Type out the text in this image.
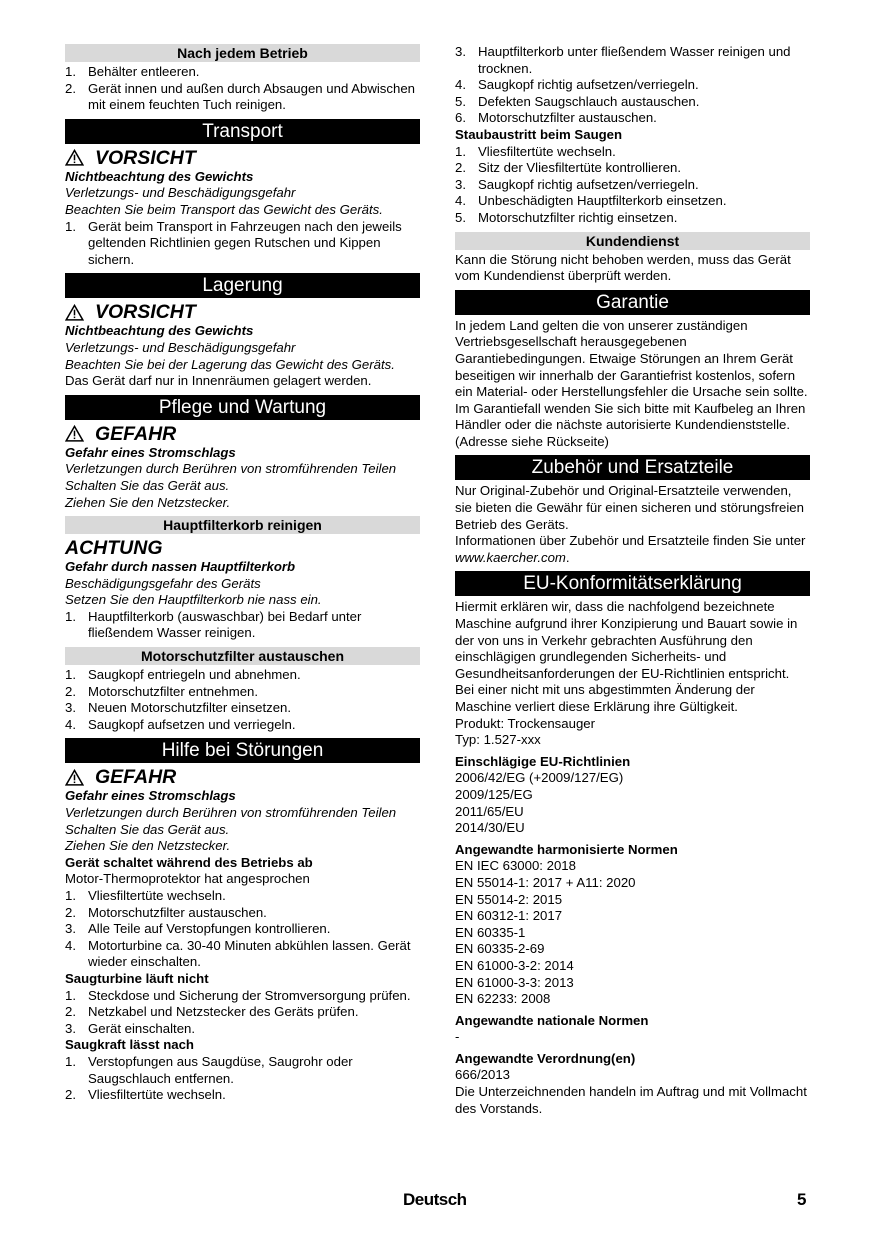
Nach jedem Betrieb
1. Behälter entleeren.
2. Gerät innen und außen durch Absaugen und Abwischen mit einem feuchten Tuch reinigen.
Transport
VORSICHT

Nichtbeachtung des Gewichts

Verletzungs- und Beschädigungsgefahr

Beachten Sie beim Transport das Gewicht des Geräts.

1. Gerät beim Transport in Fahrzeugen nach den jeweils geltenden Richtlinien gegen Rutschen und Kippen sichern.
Lagerung
VORSICHT

Nichtbeachtung des Gewichts

Verletzungs- und Beschädigungsgefahr

Beachten Sie bei der Lagerung das Gewicht des Geräts.

Das Gerät darf nur in Innenräumen gelagert werden.

Pflege und Wartung
GEFAHR

Gefahr eines Stromschlags

Verletzungen durch Berühren von stromführenden Teilen

Schalten Sie das Gerät aus.

Ziehen Sie den Netzstecker.

Hauptfilterkorb reinigen
ACHTUNG

Gefahr durch nassen Hauptfilterkorb

Beschädigungsgefahr des Geräts

Setzen Sie den Hauptfilterkorb nie nass ein.

1. Hauptfilterkorb (auswaschbar) bei Bedarf unter fließendem Wasser reinigen.
Motorschutzfilter austauschen
1. Saugkopf entriegeln und abnehmen.
2. Motorschutzfilter entnehmen.
3. Neuen Motorschutzfilter einsetzen.
4. Saugkopf aufsetzen und verriegeln.
Hilfe bei Störungen
GEFAHR

Gefahr eines Stromschlags

Verletzungen durch Berühren von stromführenden Teilen

Schalten Sie das Gerät aus.

Ziehen Sie den Netzstecker.

Gerät schaltet während des Betriebs ab

Motor-Thermoprotektor hat angesprochen

1. Vliesfiltertüte wechseln.
2. Motorschutzfilter austauschen.
3. Alle Teile auf Verstopfungen kontrollieren.
4. Motorturbine ca. 30-40 Minuten abkühlen lassen. Gerät wieder einschalten.

Saugturbine läuft nicht

1. Steckdose und Sicherung der Stromversorgung prüfen.
2. Netzkabel und Netzstecker des Geräts prüfen.
3. Gerät einschalten.

Saugkraft lässt nach

1. Verstopfungen aus Saugdüse, Saugrohr oder Saugschlauch entfernen.
2. Vliesfiltertüte wechseln.
3. Hauptfilterkorb unter fließendem Wasser reinigen und trocknen.
4. Saugkopf richtig aufsetzen/verriegeln.
5. Defekten Saugschlauch austauschen.
6. Motorschutzfilter austauschen.

Staubaustritt beim Saugen

1. Vliesfiltertüte wechseln.
2. Sitz der Vliesfiltertüte kontrollieren.
3. Saugkopf richtig aufsetzen/verriegeln.
4. Unbeschädigten Hauptfilterkorb einsetzen.
5. Motorschutzfilter richtig einsetzen.
Kundendienst

Kann die Störung nicht behoben werden, muss das Gerät vom Kundendienst überprüft werden.

Garantie

In jedem Land gelten die von unserer zuständigen Vertriebsgesellschaft herausgegebenen Garantiebedingungen. Etwaige Störungen an Ihrem Gerät beseitigen wir innerhalb der Garantiefrist kostenlos, sofern ein Material- oder Herstellungsfehler die Ursache sein sollte. Im Garantiefall wenden Sie sich bitte mit Kaufbeleg an Ihren Händler oder die nächste autorisierte Kundendienststelle.

(Adresse siehe Rückseite)

Zubehör und Ersatzteile

Nur Original-Zubehör und Original-Ersatzteile verwenden, sie bieten die Gewähr für einen sicheren und störungsfreien Betrieb des Geräts.

Informationen über Zubehör und Ersatzteile finden Sie unter www.kaercher.com.

EU-Konformitätserklärung

Hiermit erklären wir, dass die nachfolgend bezeichnete Maschine aufgrund ihrer Konzipierung und Bauart sowie in der von uns in Verkehr gebrachten Ausführung den einschlägigen grundlegenden Sicherheits- und Gesundheitsanforderungen der EU-Richtlinien entspricht. Bei einer nicht mit uns abgestimmten Änderung der Maschine verliert diese Erklärung ihre Gültigkeit.

Produkt: Trockensauger

Typ: 1.527-xxx

Einschlägige EU-Richtlinien

2006/42/EG (+2009/127/EG)

2009/125/EG

2011/65/EU

2014/30/EU

Angewandte harmonisierte Normen

EN IEC 63000: 2018

EN 55014-1: 2017 + A11: 2020

EN 55014-2: 2015

EN 60312-1: 2017

EN 60335-1

EN 60335-2-69

EN 61000-3-2: 2014

EN 61000-3-3: 2013

EN 62233: 2008

Angewandte nationale Normen

-

Angewandte Verordnung(en)

666/2013

Die Unterzeichnenden handeln im Auftrag und mit Vollmacht des Vorstands.

Deutsch	5
